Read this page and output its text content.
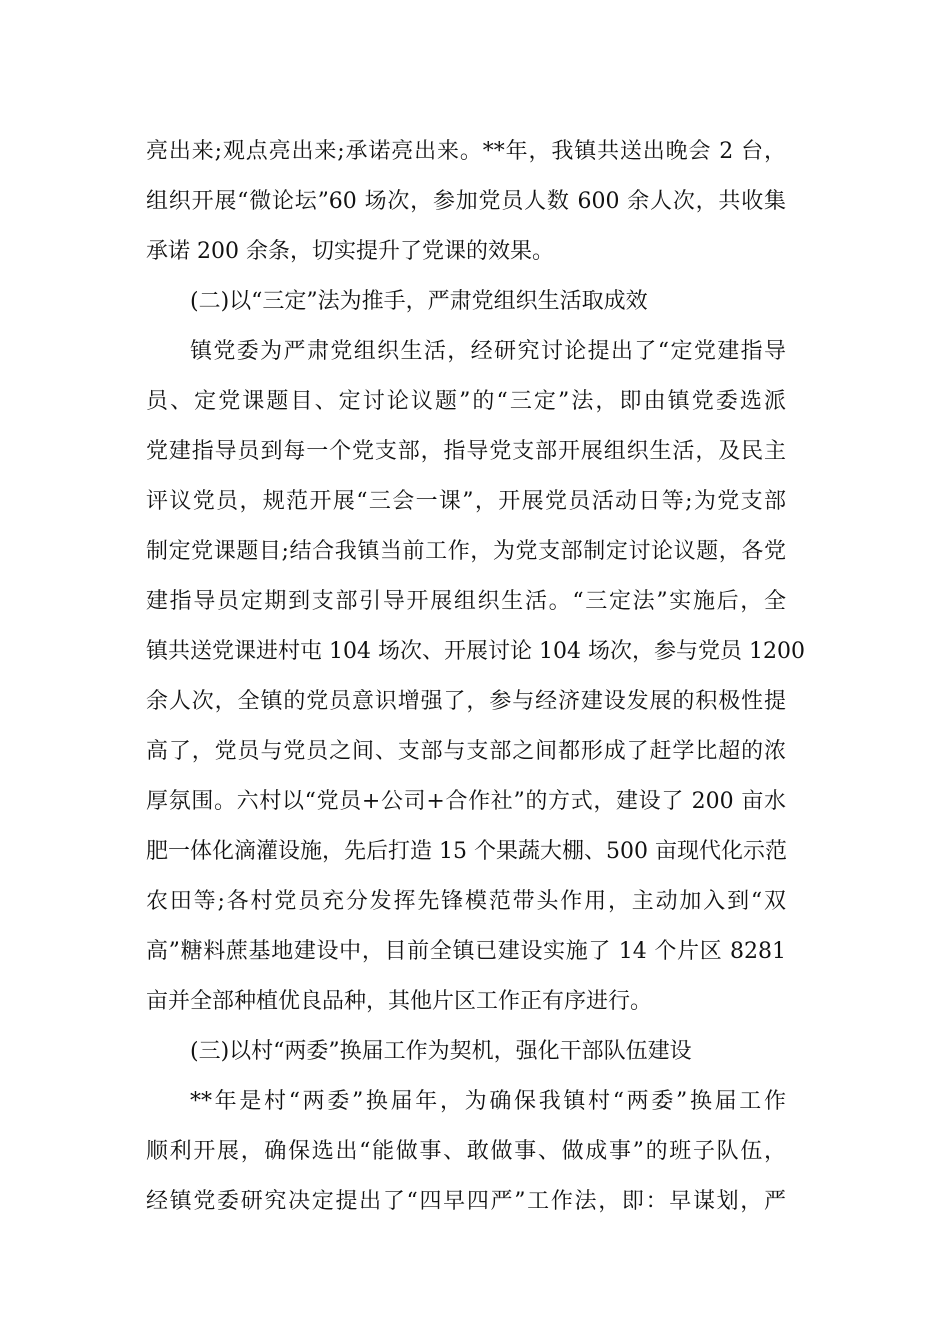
亮出来;观点亮出来;承诺亮出来。**年，我镇共送出晚会 2 台，
组织开展“微论坛”60 场次，参加党员人数 600 余人次，共收集
承诺 200 余条，切实提升了党课的效果。
(二)以“三定”法为推手，严肃党组织生活取成效
镇党委为严肃党组织生活，经研究讨论提出了“定党建指导
员、定党课题目、定讨论议题”的“三定”法，即由镇党委选派
党建指导员到每一个党支部，指导党支部开展组织生活，及民主
评议党员，规范开展“三会一课”，开展党员活动日等;为党支部
制定党课题目;结合我镇当前工作，为党支部制定讨论议题，各党
建指导员定期到支部引导开展组织生活。“三定法”实施后，全
镇共送党课进村屯 104 场次、开展讨论 104 场次，参与党员 1200
余人次，全镇的党员意识增强了，参与经济建设发展的积极性提
高了，党员与党员之间、支部与支部之间都形成了赶学比超的浓
厚氛围。六村以“党员+公司+合作社”的方式，建设了 200 亩水
肥一体化滴灌设施，先后打造 15 个果蔬大棚、500 亩现代化示范
农田等;各村党员充分发挥先锋模范带头作用，主动加入到“双
高”糖料蔗基地建设中，目前全镇已建设实施了 14 个片区 8281
亩并全部种植优良品种，其他片区工作正有序进行。
(三)以村“两委”换届工作为契机，强化干部队伍建设
**年是村“两委”换届年，为确保我镇村“两委”换届工作
顺利开展，确保选出“能做事、敢做事、做成事”的班子队伍，
经镇党委研究决定提出了“四早四严”工作法，即：早谋划，严
